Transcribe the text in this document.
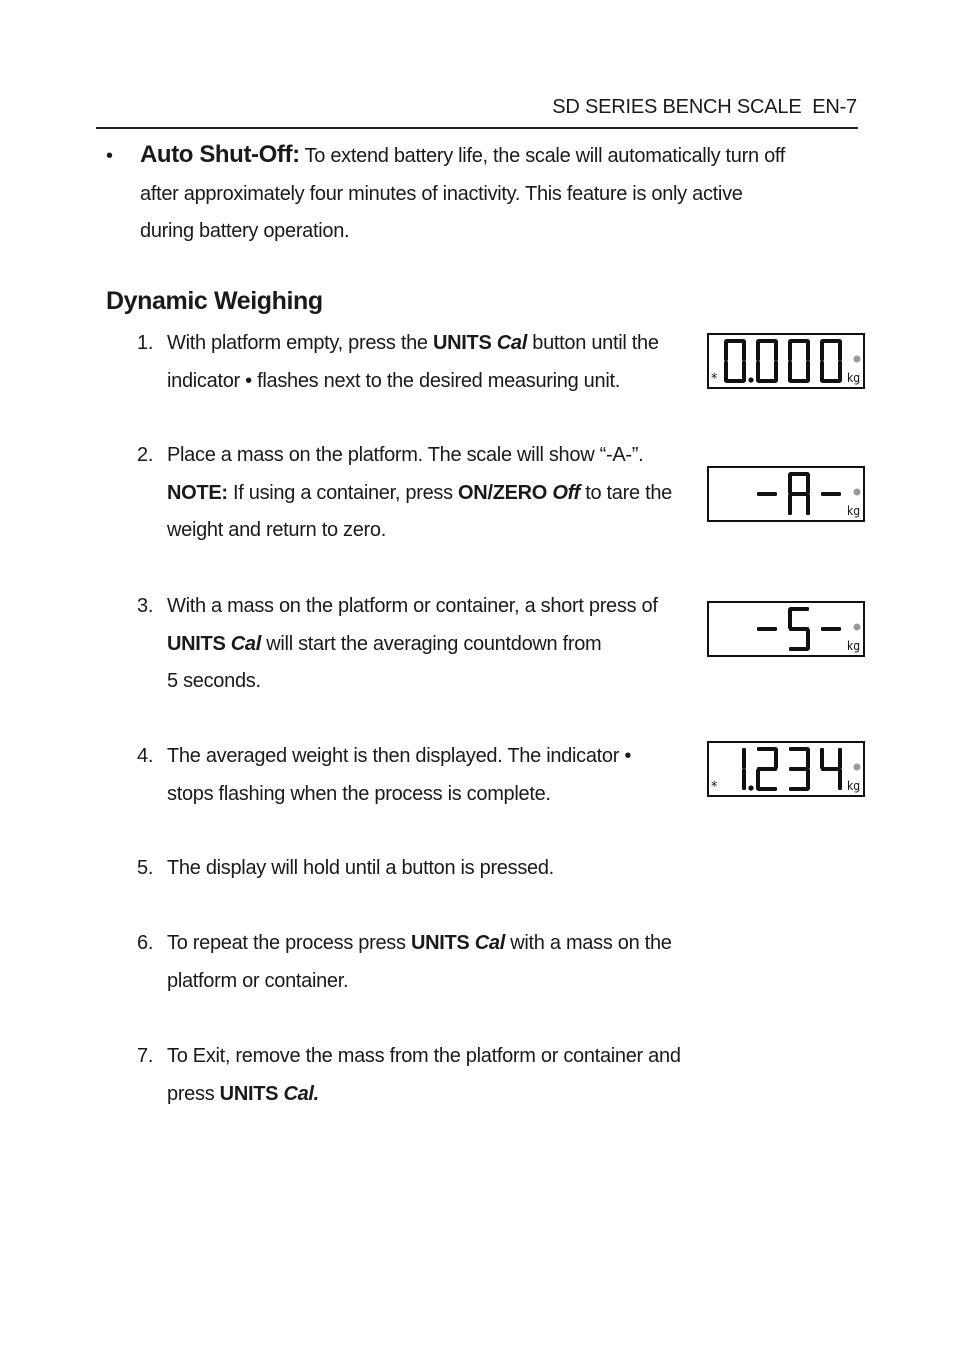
SD SERIES BENCH SCALE EN-7
• Auto Shut-Off: To extend battery life, the scale will automatically turn off
after approximately four minutes of inactivity. This feature is only active
during battery operation.
Dynamic Weighing
1. With platform empty, press the UNITS Cal button until the
indicator • flashes next to the desired measuring unit.
2. Place a mass on the platform. The scale will show “-A-”.
NOTE: If using a container, press ON/ZERO Off to tare the
weight and return to zero.
3. With a mass on the platform or container, a short press of
UNITS Cal will start the averaging countdown from
5 seconds.
4. The averaged weight is then displayed. The indicator •
stops flashing when the process is complete.
5. The display will hold until a button is pressed.
6. To repeat the process press UNITS Cal with a mass on the
platform or container.
7. To Exit, remove the mass from the platform or container and
press UNITS Cal.
*	kg
kg
kg
*	kg
